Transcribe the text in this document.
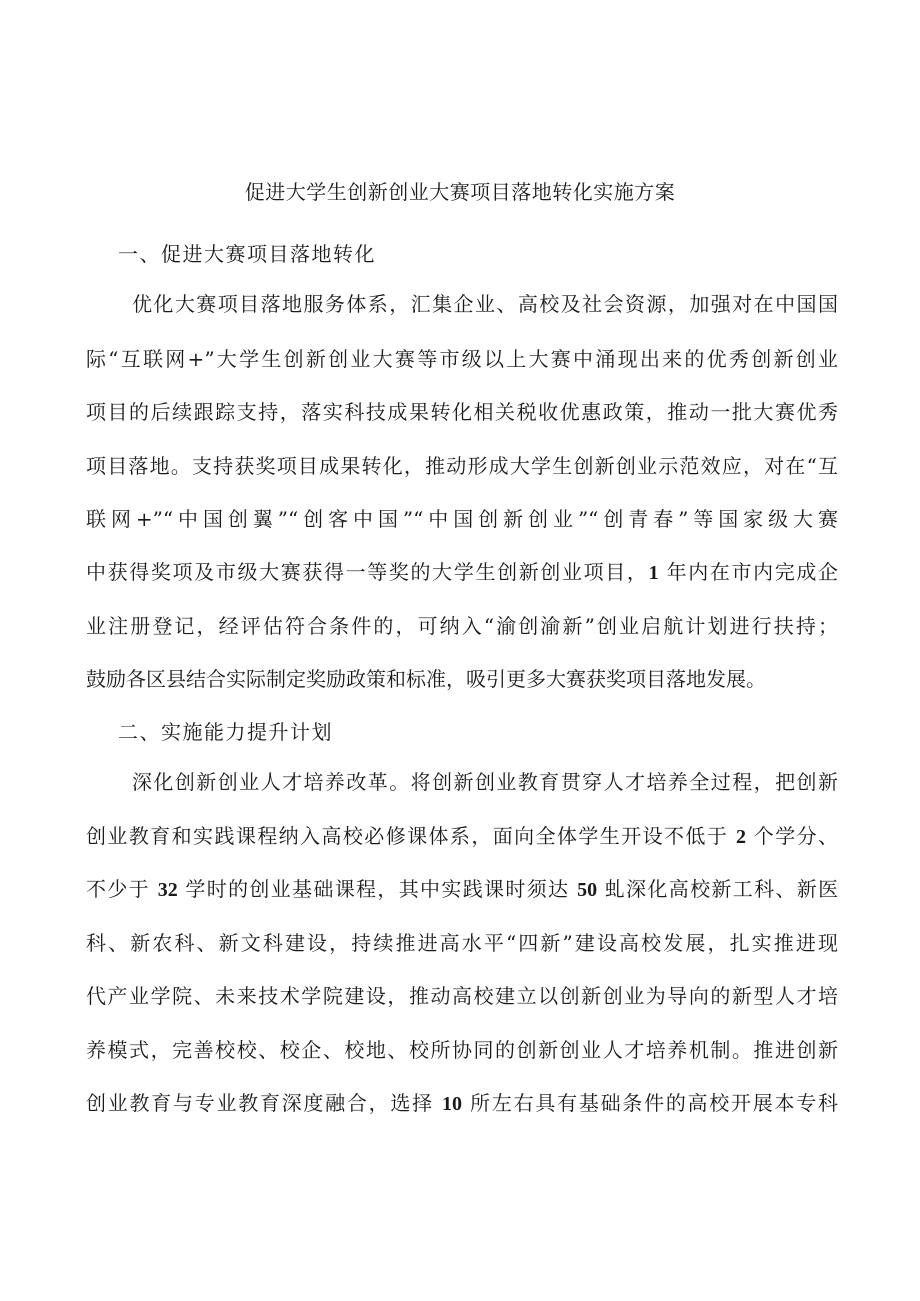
促进大学生创新创业大赛项目落地转化实施方案
一、促进大赛项目落地转化

优化大赛项目落地服务体系，汇集企业、高校及社会资源，加强对在中国国

际“互联网+”大学生创新创业大赛等市级以上大赛中涌现出来的优秀创新创业

项目的后续跟踪支持，落实科技成果转化相关税收优惠政策，推动一批大赛优秀

项目落地。支持获奖项目成果转化，推动形成大学生创新创业示范效应，对在“互

联网+”“中国创翼”“创客中国”“中国创新创业”“创青春”等国家级大赛

中获得奖项及市级大赛获得一等奖的大学生创新创业项目，1 年内在市内完成企

业注册登记，经评估符合条件的，可纳入“渝创渝新”创业启航计划进行扶持；

鼓励各区县结合实际制定奖励政策和标准，吸引更多大赛获奖项目落地发展。

二、实施能力提升计划

深化创新创业人才培养改革。将创新创业教育贯穿人才培养全过程，把创新

创业教育和实践课程纳入高校必修课体系，面向全体学生开设不低于 2 个学分、

不少于 32 学时的创业基础课程，其中实践课时须达 50 虬深化高校新工科、新医

科、新农科、新文科建设，持续推进高水平“四新”建设高校发展，扎实推进现

代产业学院、未来技术学院建设，推动高校建立以创新创业为导向的新型人才培

养模式，完善校校、校企、校地、校所协同的创新创业人才培养机制。推进创新

创业教育与专业教育深度融合，选择 10 所左右具有基础条件的高校开展本专科
